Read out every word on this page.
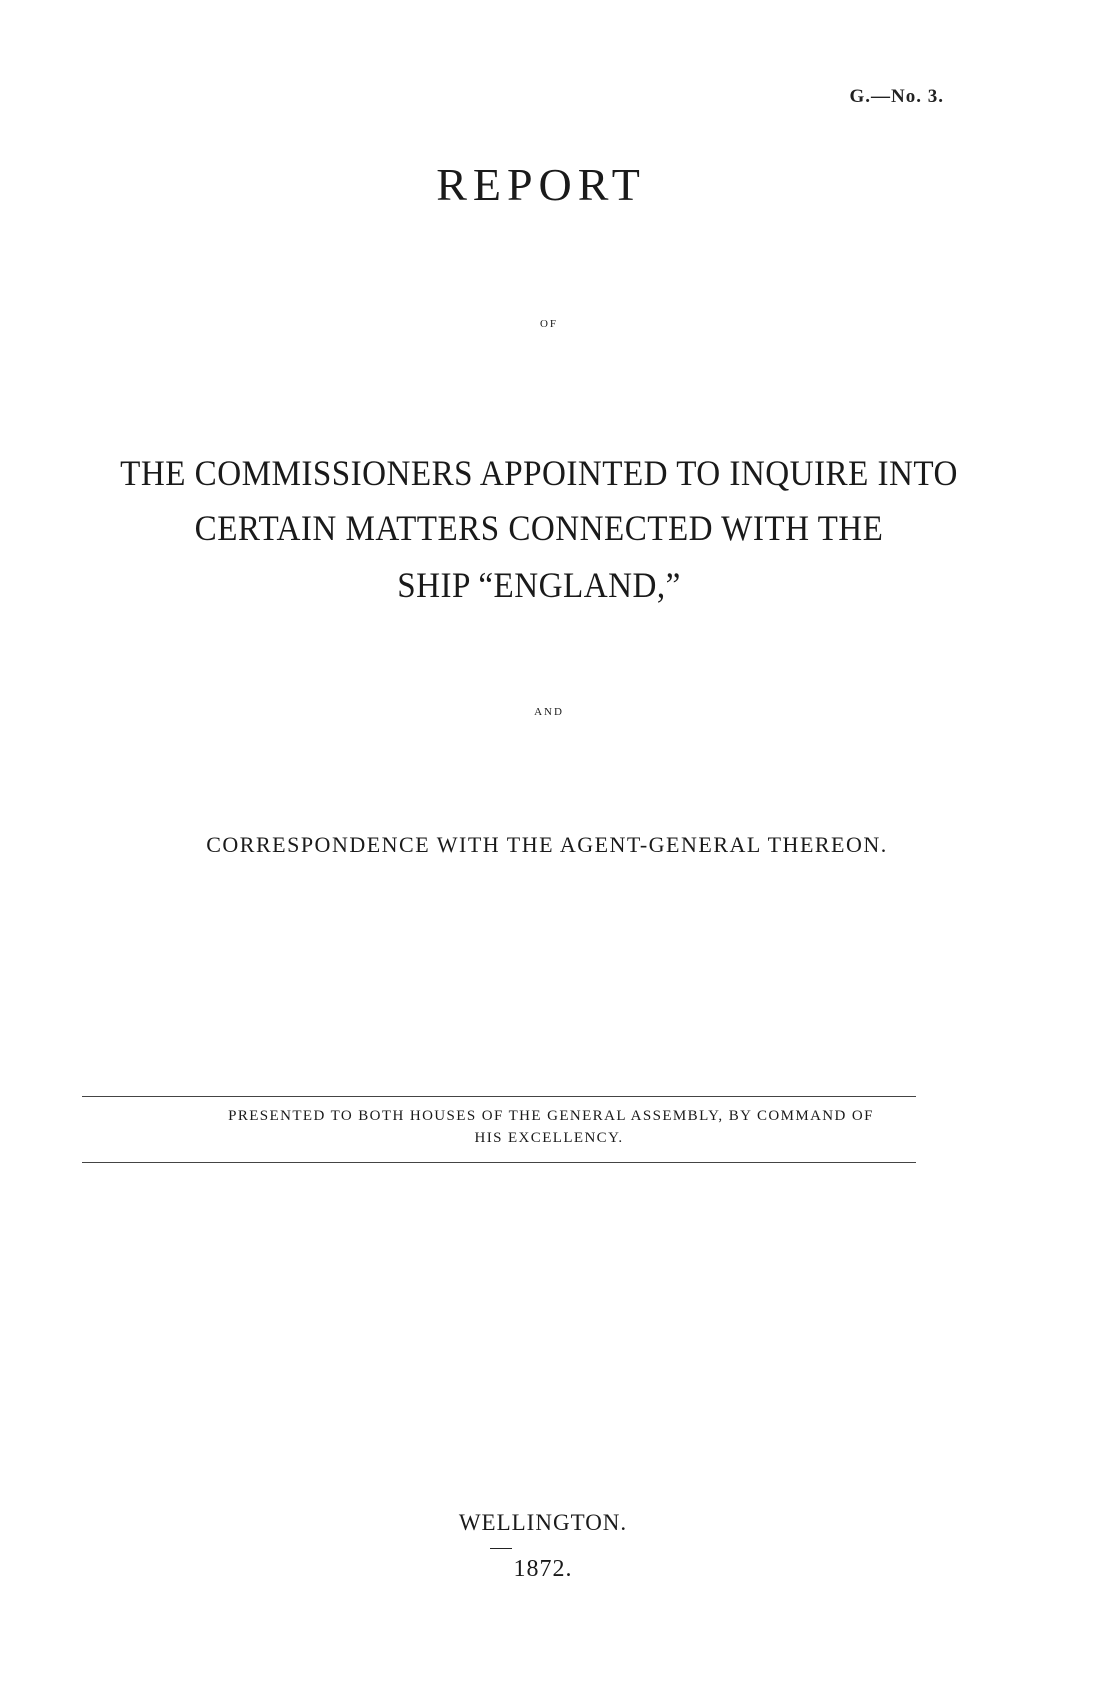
G.—No. 3.
REPORT
OF
THE COMMISSIONERS APPOINTED TO INQUIRE INTO
CERTAIN MATTERS CONNECTED WITH THE
SHIP “ENGLAND,”
AND
CORRESPONDENCE WITH THE AGENT-GENERAL THEREON.
PRESENTED TO BOTH HOUSES OF THE GENERAL ASSEMBLY, BY COMMAND OF
HIS EXCELLENCY.
WELLINGTON.
1872.
